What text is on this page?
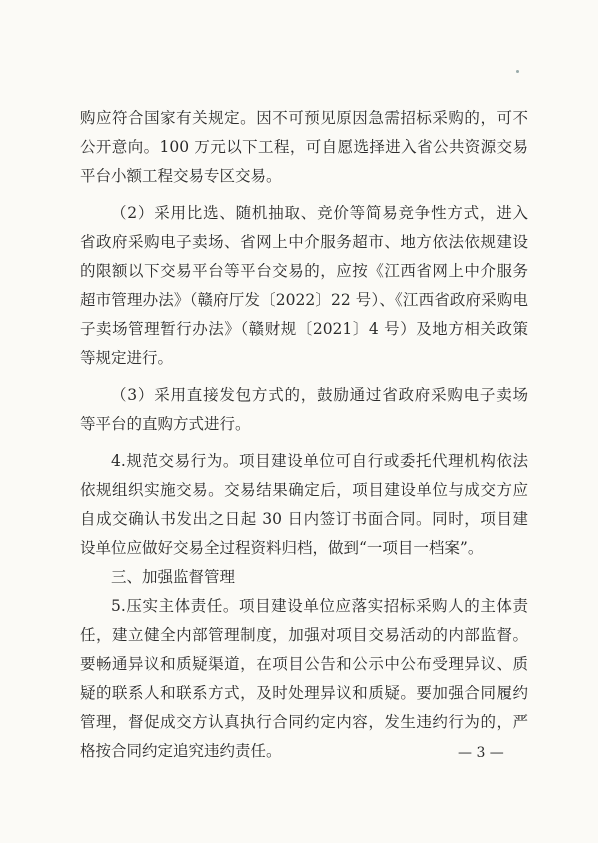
购应符合国家有关规定。因不可预见原因急需招标采购的，可不
公开意向。100 万元以下工程，可自愿选择进入省公共资源交易
平台小额工程交易专区交易。
（2）采用比选、随机抽取、竞价等简易竞争性方式，进入
省政府采购电子卖场、省网上中介服务超市、地方依法依规建设
的限额以下交易平台等平台交易的，应按《江西省网上中介服务
超市管理办法》（赣府厅发〔2022〕22 号）、《江西省政府采购电
子卖场管理暂行办法》（赣财规〔2021〕4 号）及地方相关政策
等规定进行。
（3）采用直接发包方式的，鼓励通过省政府采购电子卖场
等平台的直购方式进行。
4.规范交易行为。项目建设单位可自行或委托代理机构依法
依规组织实施交易。交易结果确定后，项目建设单位与成交方应
自成交确认书发出之日起 30 日内签订书面合同。同时，项目建
设单位应做好交易全过程资料归档，做到“一项目一档案”。
三、加强监督管理
5.压实主体责任。项目建设单位应落实招标采购人的主体责
任，建立健全内部管理制度，加强对项目交易活动的内部监督。
要畅通异议和质疑渠道，在项目公告和公示中公布受理异议、质
疑的联系人和联系方式，及时处理异议和质疑。要加强合同履约
管理，督促成交方认真执行合同约定内容，发生违约行为的，严
格按合同约定追究违约责任。	— 3 —
